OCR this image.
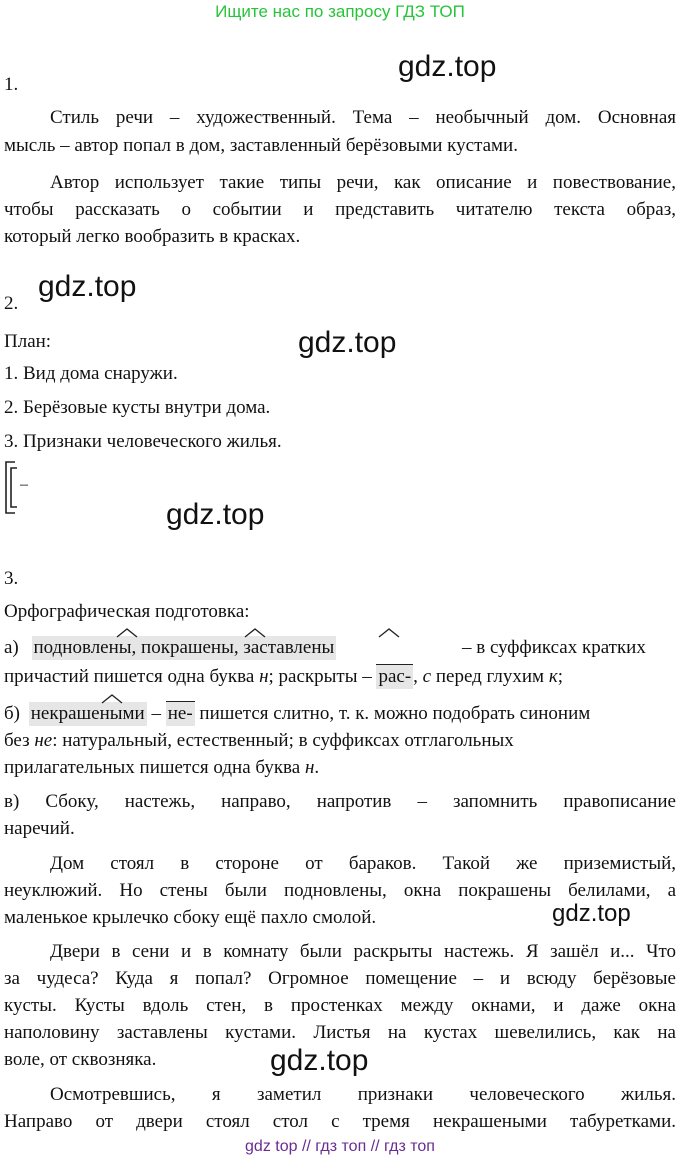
Ищите нас по запросу ГДЗ ТОП
gdz.top
gdz.top
gdz.top
gdz.top
gdz.top
gdz.top
1.
Стиль речи – художественный. Тема – необычный дом. Основная
мысль – автор попал в дом, заставленный берёзовыми кустами.
Автор использует такие типы речи, как описание и повествование,
чтобы рассказать о событии и представить читателю текста образ,
который легко вообразить в красках.
2.
План:
1. Вид дома снаружи.
2. Берёзовые кусты внутри дома.
3. Признаки человеческого жилья.
–
3.
Орфографическая подготовка:
а) подновлены, покрашены, заставлены	– в суффиксах кратких
причастий пишется одна буква н; раскрыты – рас- , с перед глухим к;
б) некрашеными – не- пишется слитно, т. к. можно подобрать синоним
без не: натуральный, естественный; в суффиксах отглагольных
прилагательных пишется одна буква н.
в) Сбоку, настежь, направо, напротив – запомнить правописание
наречий.
Дом стоял в стороне от бараков. Такой же приземистый,
неуклюжий. Но стены были подновлены, окна покрашены белилами, а
маленькое крылечко сбоку ещё пахло смолой.
Двери в сени и в комнату были раскрыты настежь. Я зашёл и... Что
за чудеса? Куда я попал? Огромное помещение – и всюду берёзовые
кусты. Кусты вдоль стен, в простенках между окнами, и даже окна
наполовину заставлены кустами. Листья на кустах шевелились, как на
воле, от сквозняка.
Осмотревшись, я заметил признаки человеческого жилья.
Направо от двери стоял стол с тремя некрашеными табуретками.
gdz top // гдз топ // гдз топ
